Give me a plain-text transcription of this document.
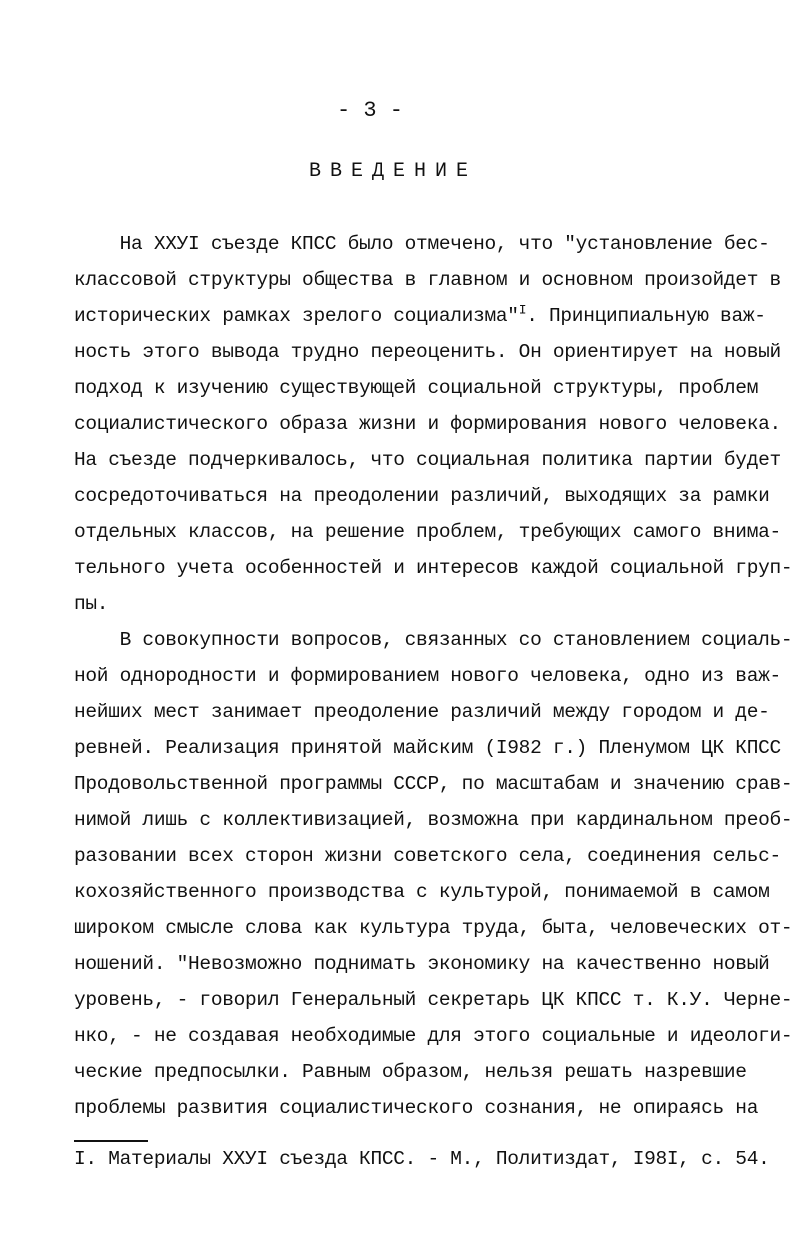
- 3 -
ВВЕДЕНИЕ
На ХХУI съезде КПСС было отмечено, что "установление бес-
классовой структуры общества в главном и основном произойдет в
исторических рамках зрелого социализма"$^I$. Принципиальную важ-
ность этого вывода трудно переоценить. Он ориентирует на новый
подход к изучению существующей социальной структуры, проблем
социалистического образа жизни и формирования нового человека.
На съезде подчеркивалось, что социальная политика партии будет
сосредоточиваться на преодолении различий, выходящих за рамки
отдельных классов, на решение проблем, требующих самого внима-
тельного учета особенностей и интересов каждой социальной груп-
пы.
В совокупности вопросов, связанных со становлением социаль-
ной однородности и формированием нового человека, одно из важ-
нейших мест занимает преодоление различий между городом и де-
ревней. Реализация принятой майским (I982 г.) Пленумом ЦК КПСС
Продовольственной программы СССР, по масштабам и значению срав-
нимой лишь с коллективизацией, возможна при кардинальном преоб-
разовании всех сторон жизни советского села, соединения сельс-
кохозяйственного производства с культурой, понимаемой в самом
широком смысле слова как культура труда, быта, человеческих от-
ношений. "Невозможно поднимать экономику на качественно новый
уровень, - говорил Генеральный секретарь ЦК КПСС т. К.У. Черне-
нко, - не создавая необходимые для этого социальные и идеологи-
ческие предпосылки. Равным образом, нельзя решать назревшие
проблемы развития социалистического сознания, не опираясь на
I. Материалы ХХУI съезда КПСС. - М., Политиздат, I98I, с. 54.
